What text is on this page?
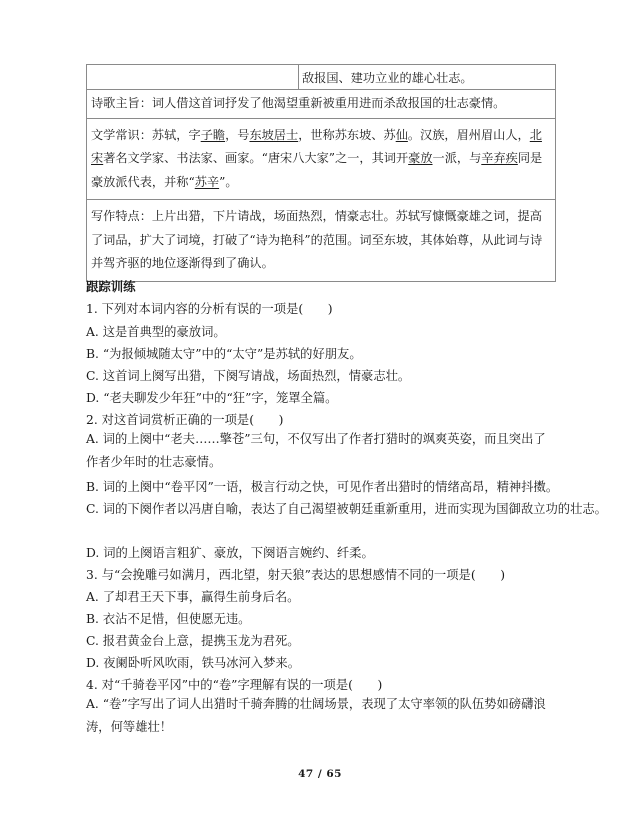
敌报国、建功立业的雄心壮志。
诗歌主旨：词人借这首词抒发了他渴望重新被重用进而杀敌报国的壮志豪情。
文学常识：苏轼，字子瞻，号东坡居士，世称苏东坡、苏仙。汉族，眉州眉山人，北宋著名文学家、书法家、画家。“唐宋八大家”之一，其词开豪放一派，与辛弃疾同是豪放派代表，并称“苏辛”。
写作特点：上片出猎，下片请战，场面热烈，情豪志壮。苏轼写慷慨豪雄之词，提高了词品，扩大了词境，打破了“诗为艳科”的范围。词至东坡，其体始尊，从此词与诗并驾齐驱的地位逐渐得到了确认。
跟踪训练
1. 下列对本词内容的分析有误的一项是(　　)
A. 这是首典型的豪放词。
B. “为报倾城随太守”中的“太守”是苏轼的好朋友。
C. 这首词上阕写出猎，下阕写请战，场面热烈，情豪志壮。
D. “老夫聊发少年狂”中的“狂”字，笼罩全篇。
2. 对这首词赏析正确的一项是(　　)
A. 词的上阕中“老夫……擎苍”三句，不仅写出了作者打猎时的飒爽英姿，而且突出了作者少年时的壮志豪情。
B. 词的上阕中“卷平冈”一语，极言行动之快，可见作者出猎时的情绪高昂，精神抖擞。
C. 词的下阕作者以冯唐自喻，表达了自己渴望被朝廷重新重用，进而实现为国御敌立功的壮志。
D. 词的上阕语言粗犷、豪放，下阕语言婉约、纤柔。
3. 与“会挽雕弓如满月，西北望，射天狼”表达的思想感情不同的一项是(　　)
A. 了却君王天下事，赢得生前身后名。
B. 衣沾不足惜，但使愿无违。
C. 报君黄金台上意，提携玉龙为君死。
D. 夜阑卧听风吹雨，铁马冰河入梦来。
4. 对“千骑卷平冈”中的“卷”字理解有误的一项是(　　)
A. “卷”字写出了词人出猎时千骑奔腾的壮阔场景，表现了太守率领的队伍势如磅礴浪涛，何等雄壮！
47 / 65
